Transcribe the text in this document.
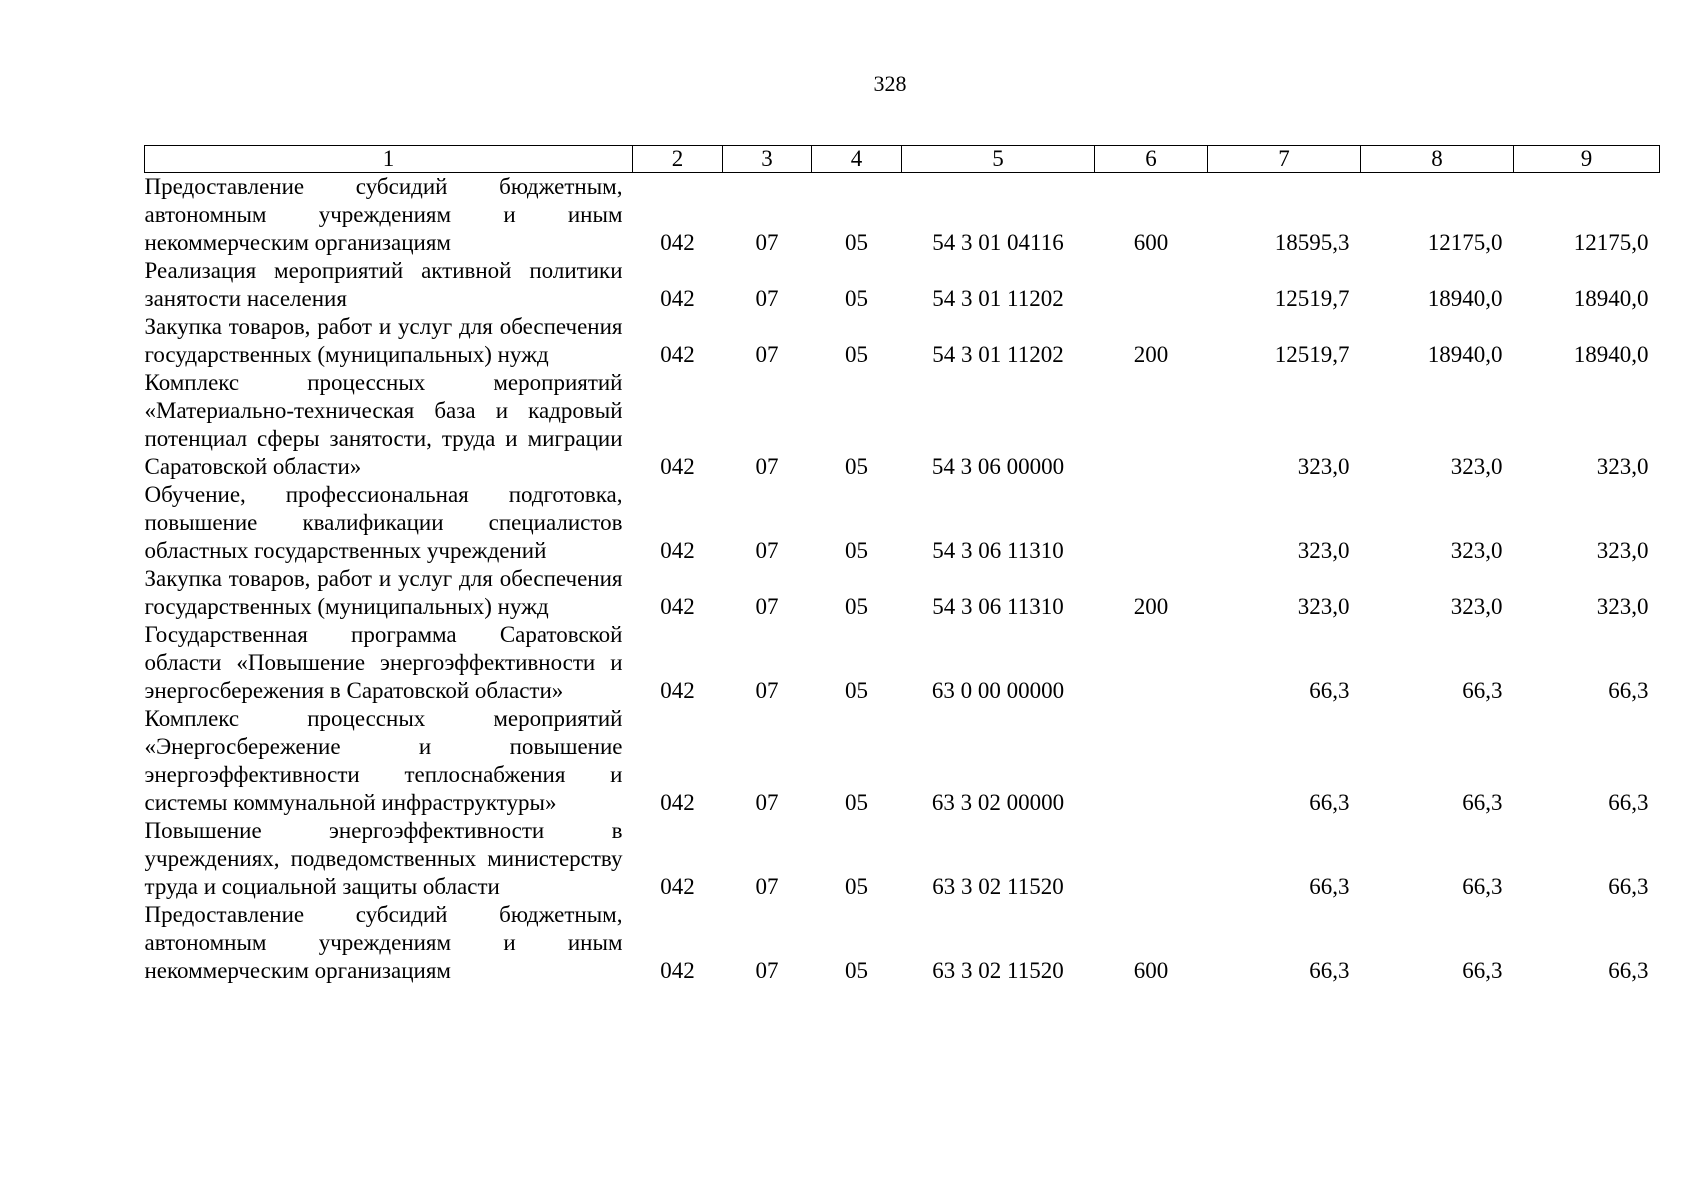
328
1	2	3	4	5	6	7	8	9
Предоставление субсидий бюджетным, автономным учреждениям и иным некоммерческим организациям	042	07	05	54 3 01 04116	600	18595,3	12175,0	12175,0
Реализация мероприятий активной политики занятости населения	042	07	05	54 3 01 11202		12519,7	18940,0	18940,0
Закупка товаров, работ и услуг для обеспечения государственных (муниципальных) нужд	042	07	05	54 3 01 11202	200	12519,7	18940,0	18940,0
Комплекс процессных мероприятий «Материально-техническая база и кадровый потенциал сферы занятости, труда и миграции Саратовской области»	042	07	05	54 3 06 00000		323,0	323,0	323,0
Обучение, профессиональная подготовка, повышение квалификации специалистов областных государственных учреждений	042	07	05	54 3 06 11310		323,0	323,0	323,0
Закупка товаров, работ и услуг для обеспечения государственных (муниципальных) нужд	042	07	05	54 3 06 11310	200	323,0	323,0	323,0
Государственная программа Саратовской области «Повышение энергоэффективности и энергосбережения в Саратовской области»	042	07	05	63 0 00 00000		66,3	66,3	66,3
Комплекс процессных мероприятий «Энергосбережение и повышение энергоэффективности теплоснабжения и системы коммунальной инфраструктуры»	042	07	05	63 3 02 00000		66,3	66,3	66,3
Повышение энергоэффективности в учреждениях, подведомственных министерству труда и социальной защиты области	042	07	05	63 3 02 11520		66,3	66,3	66,3
Предоставление субсидий бюджетным, автономным учреждениям и иным некоммерческим организациям	042	07	05	63 3 02 11520	600	66,3	66,3	66,3
